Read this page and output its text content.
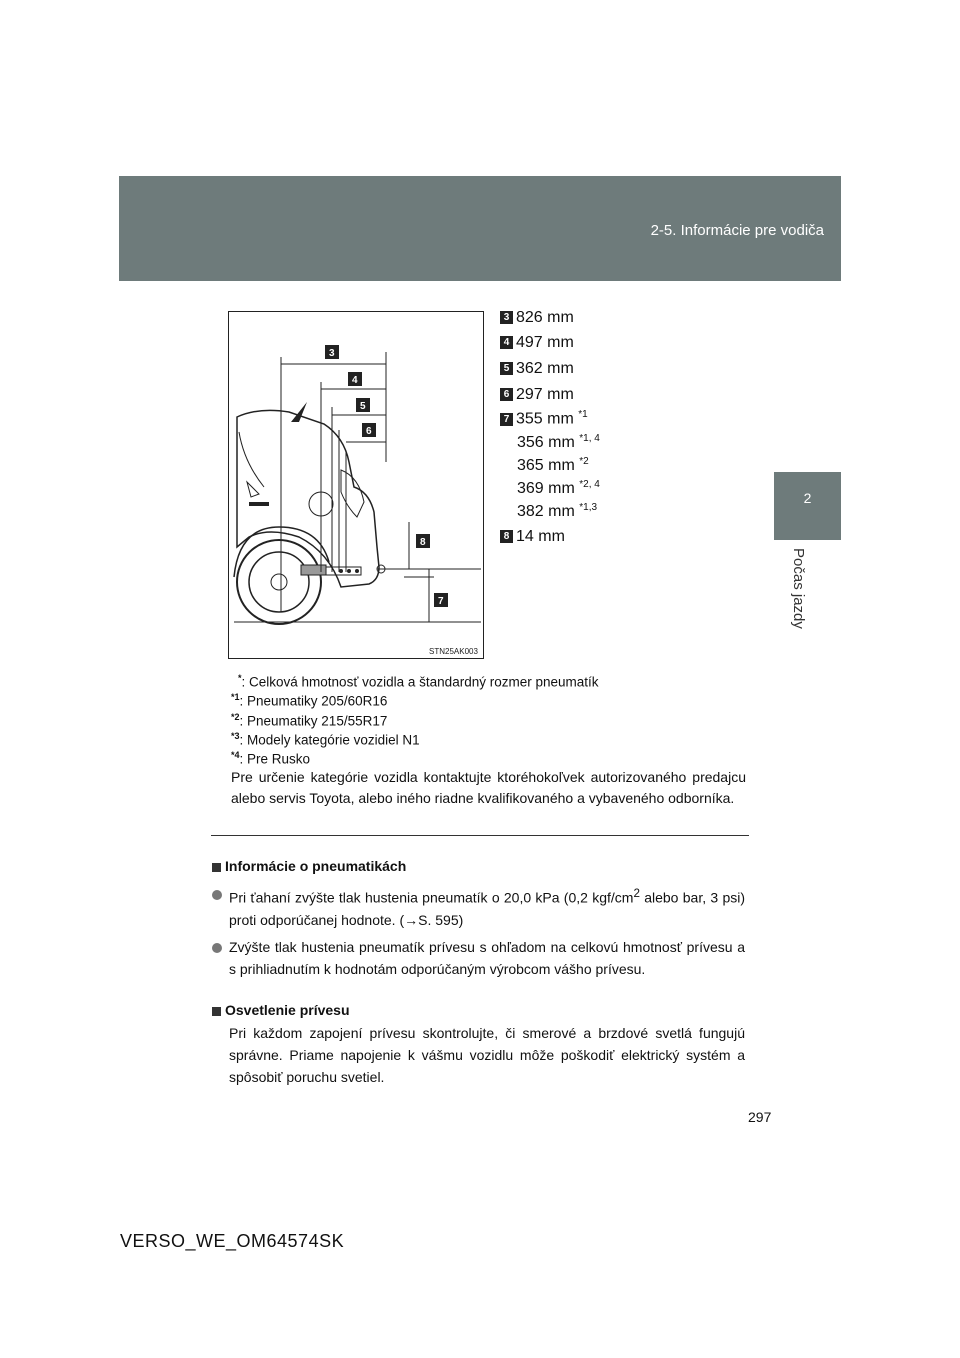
2-5. Informácie pre vodiča
2
Počas jazdy
3
4
5
6
8
7
STN25AK003
3 826 mm
4 497 mm
5 362 mm
6 297 mm
7 355 mm $^{*1}$
356 mm $^{*1, 4}$
365 mm $^{*2}$
369 mm $^{*2, 4}$
382 mm $^{*1,3}$
8 14 mm
*: Celková hmotnosť vozidla a štandardný rozmer pneumatík
$^{*1}$: Pneumatiky 205/60R16
$^{*2}$: Pneumatiky 215/55R17
$^{*3}$: Modely kategórie vozidiel N1
$^{*4}$: Pre Rusko
Pre určenie kategórie vozidla kontaktujte ktoréhokoľvek autorizovaného predajcu alebo servis Toyota, alebo iného riadne kvalifikovaného a vybaveného odborníka.
Informácie o pneumatikách
Pri ťahaní zvýšte tlak hustenia pneumatík o 20,0 kPa (0,2 kgf/$cm^2$ alebo bar, 3 psi) proti odporúčanej hodnote. (→S. 595)
Zvýšte tlak hustenia pneumatík prívesu s ohľadom na celkovú hmotnosť prívesu a s prihliadnutím k hodnotám odporúčaným výrobcom vášho prívesu.
Osvetlenie prívesu
Pri každom zapojení prívesu skontrolujte, či smerové a brzdové svetlá fungujú správne. Priame napojenie k vášmu vozidlu môže poškodiť elektrický systém a spôsobiť poruchu svetiel.
297
VERSO_WE_OM64574SK
